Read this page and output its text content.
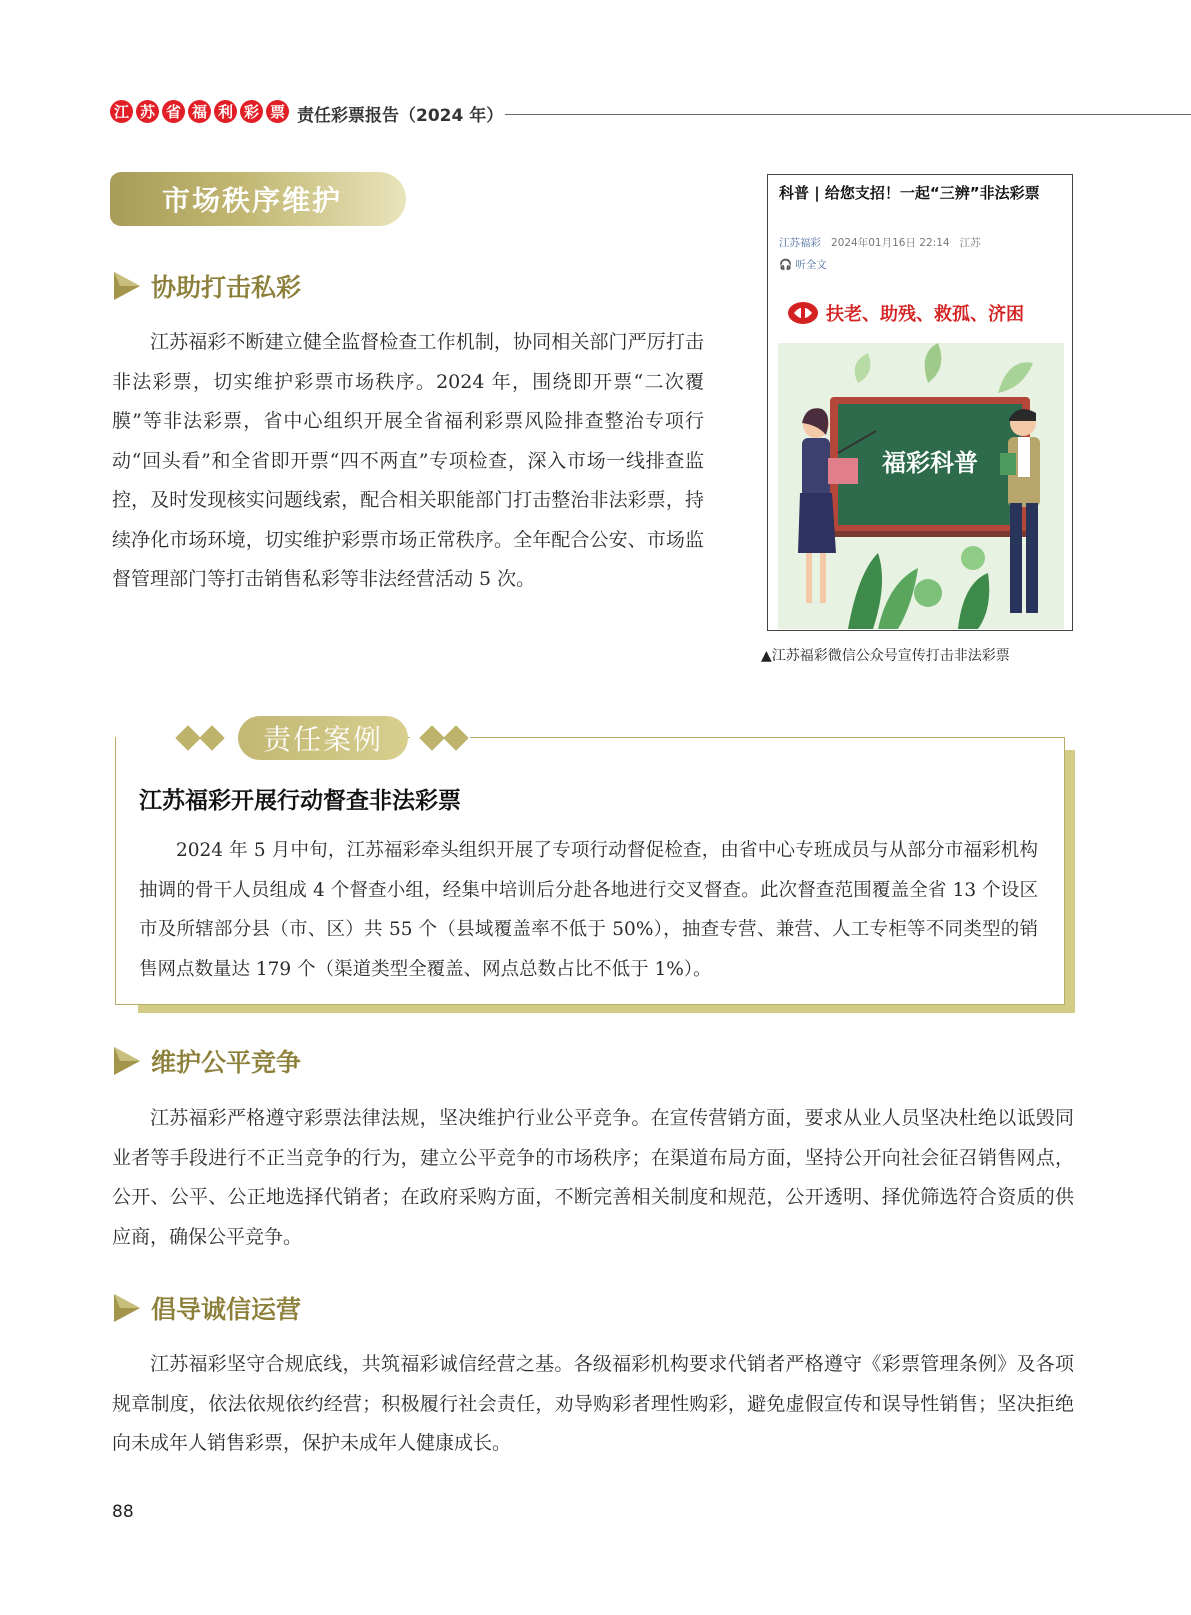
江 苏 省 福 利 彩 票 责任彩票报告（2024 年）
市场秩序维护
协助打击私彩

江苏福彩不断建立健全监督检查工作机制，协同相关部门严厉打击非法彩票，切实维护彩票市场秩序。2024 年，围绕即开票“二次覆膜”等非法彩票，省中心组织开展全省福利彩票风险排查整治专项行动“回头看”和全省即开票“四不两直”专项检查，深入市场一线排查监控，及时发现核实问题线索，配合相关职能部门打击整治非法彩票，持续净化市场环境，切实维护彩票市场正常秩序。全年配合公安、市场监督管理部门等打击销售私彩等非法经营活动 5 次。

科普 | 给您支招！一起“三辨”非法彩票
江苏福彩 2024年01月16日 22:14 江苏
🎧 听全文
扶老、助残、救孤、济困
福彩科普
▲江苏福彩微信公众号宣传打击非法彩票
责任案例
江苏福彩开展行动督查非法彩票

2024 年 5 月中旬，江苏福彩牵头组织开展了专项行动督促检查，由省中心专班成员与从部分市福彩机构抽调的骨干人员组成 4 个督查小组，经集中培训后分赴各地进行交叉督查。此次督查范围覆盖全省 13 个设区市及所辖部分县（市、区）共 55 个（县域覆盖率不低于 50%），抽查专营、兼营、人工专柜等不同类型的销售网点数量达 179 个（渠道类型全覆盖、网点总数占比不低于 1%）。

维护公平竞争

江苏福彩严格遵守彩票法律法规，坚决维护行业公平竞争。在宣传营销方面，要求从业人员坚决杜绝以诋毁同业者等手段进行不正当竞争的行为，建立公平竞争的市场秩序；在渠道布局方面，坚持公开向社会征召销售网点，公开、公平、公正地选择代销者；在政府采购方面，不断完善相关制度和规范，公开透明、择优筛选符合资质的供应商，确保公平竞争。

倡导诚信运营

江苏福彩坚守合规底线，共筑福彩诚信经营之基。各级福彩机构要求代销者严格遵守《彩票管理条例》及各项规章制度，依法依规依约经营；积极履行社会责任，劝导购彩者理性购彩，避免虚假宣传和误导性销售；坚决拒绝向未成年人销售彩票，保护未成年人健康成长。

88
